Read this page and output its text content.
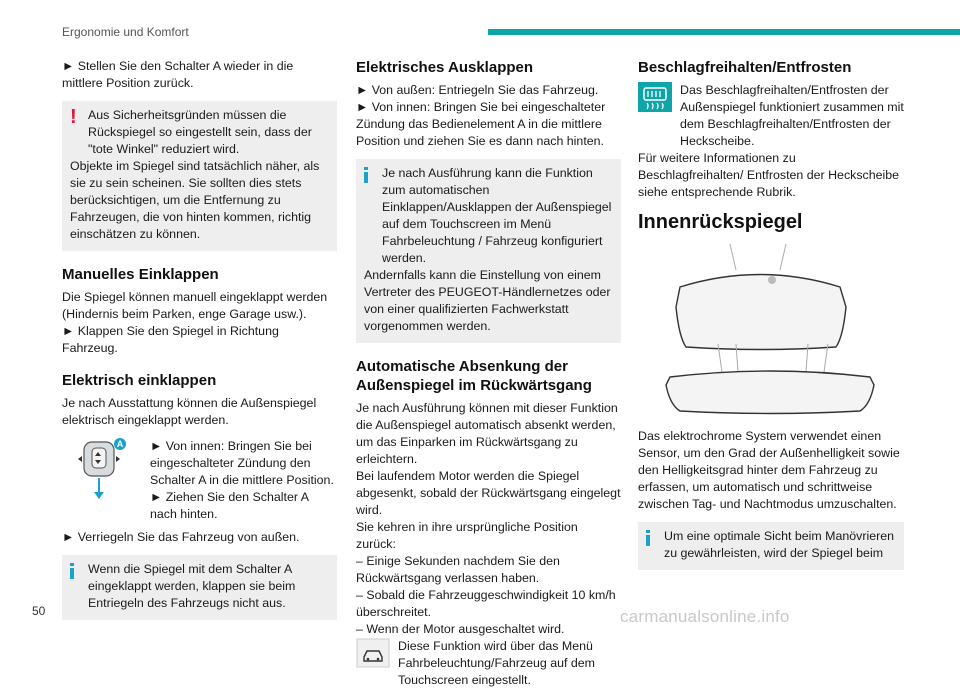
Ergonomie und Komfort

► Stellen Sie den Schalter A wieder in die mittlere Position zurück.

! Aus Sicherheitsgründen müssen die Rückspiegel so eingestellt sein, dass der "tote Winkel" reduziert wird.
Objekte im Spiegel sind tatsächlich näher, als sie zu sein scheinen. Sie sollten dies stets berücksichtigen, um die Entfernung zu Fahrzeugen, die von hinten kommen, richtig einschätzen zu können.
Manuelles Einklappen

Die Spiegel können manuell eingeklappt werden (Hindernis beim Parken, enge Garage usw.).

► Klappen Sie den Spiegel in Richtung Fahrzeug.

Elektrisch einklappen

Je nach Ausstattung können die Außenspiegel elektrisch eingeklappt werden.

A ► Von innen: Bringen Sie bei eingeschalteter Zündung den Schalter A in die mittlere Position.

► Ziehen Sie den Schalter A nach hinten.

► Verriegeln Sie das Fahrzeug von außen.

Wenn die Spiegel mit dem Schalter A eingeklappt werden, klappen sie beim Entriegeln des Fahrzeugs nicht aus.
Elektrisches Ausklappen

► Von außen: Entriegeln Sie das Fahrzeug.

► Von innen: Bringen Sie bei eingeschalteter Zündung das Bedienelement A in die mittlere Position und ziehen Sie es dann nach hinten.

Je nach Ausführung kann die Funktion zum automatischen Einklappen/Ausklappen der Außenspiegel auf dem Touchscreen im Menü Fahrbeleuchtung / Fahrzeug konfiguriert werden.
Andernfalls kann die Einstellung von einem Vertreter des PEUGEOT-Händlernetzes oder von einer qualifizierten Fachwerkstatt vorgenommen werden.
Automatische Absenkung der Außenspiegel im Rückwärtsgang

Je nach Ausführung können mit dieser Funktion die Außenspiegel automatisch absenkt werden, um das Einparken im Rückwärtsgang zu erleichtern.

Bei laufendem Motor werden die Spiegel abgesenkt, sobald der Rückwärtsgang eingelegt wird.

Sie kehren in ihre ursprüngliche Position zurück:

– Einige Sekunden nachdem Sie den Rückwärtsgang verlassen haben.

– Sobald die Fahrzeuggeschwindigkeit 10 km/h überschreitet.

– Wenn der Motor ausgeschaltet wird.

Diese Funktion wird über das Menü Fahrbeleuchtung/Fahrzeug auf dem Touchscreen eingestellt.

Beschlagfreihalten/Entfrosten

Das Beschlagfreihalten/Entfrosten der Außenspiegel funktioniert zusammen mit dem Beschlagfreihalten/Entfrosten der Heckscheibe.

Für weitere Informationen zu Beschlagfreihalten/ Entfrosten der Heckscheibe siehe entsprechende Rubrik.

Innenrückspiegel

Das elektrochrome System verwendet einen Sensor, um den Grad der Außenhelligkeit sowie den Helligkeitsgrad hinter dem Fahrzeug zu erfassen, um automatisch und schrittweise zwischen Tag- und Nachtmodus umzuschalten.

Um eine optimale Sicht beim Manövrieren zu gewährleisten, wird der Spiegel beim
50	carmanualsonline.info
